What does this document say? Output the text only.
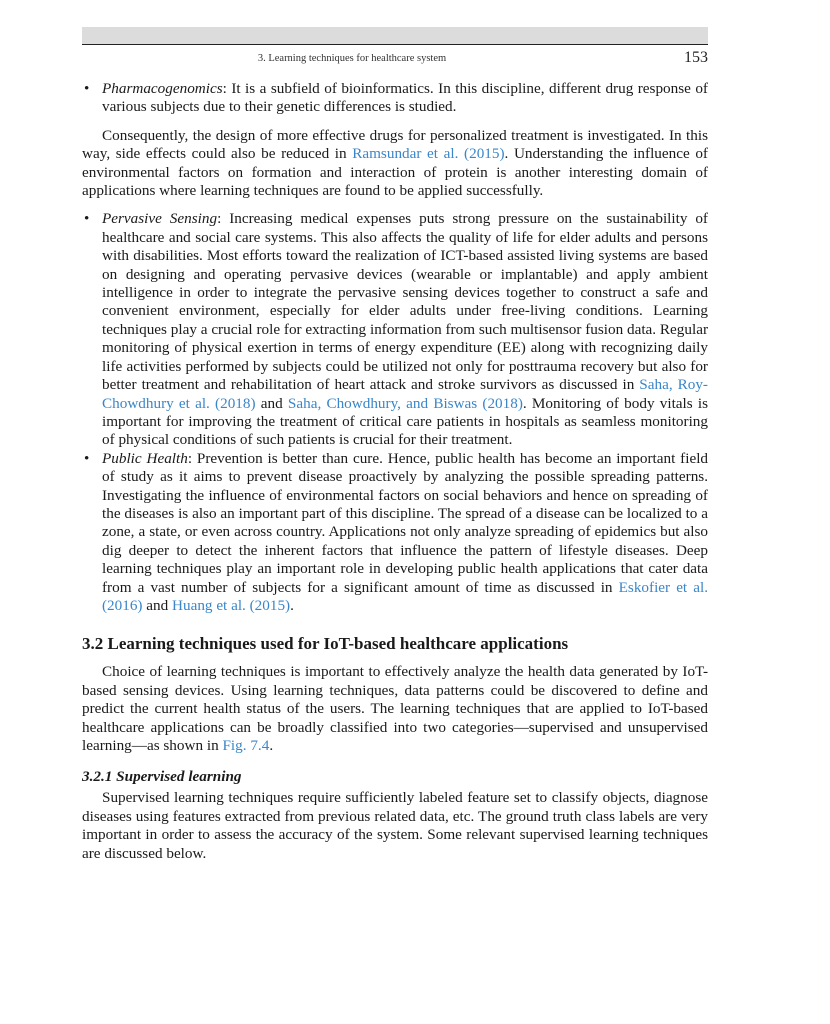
3. Learning techniques for healthcare system	153
• Pharmacogenomics: It is a subfield of bioinformatics. In this discipline, different drug response of various subjects due to their genetic differences is studied.

Consequently, the design of more effective drugs for personalized treatment is investigated. In this way, side effects could also be reduced in Ramsundar et al. (2015). Understanding the influence of environmental factors on formation and interaction of protein is another interesting domain of applications where learning techniques are found to be applied successfully.

• Pervasive Sensing: Increasing medical expenses puts strong pressure on the sustainability of healthcare and social care systems. This also affects the quality of life for elder adults and persons with disabilities. Most efforts toward the realization of ICT-based assisted living systems are based on designing and operating pervasive devices (wearable or implantable) and apply ambient intelligence in order to integrate the pervasive sensing devices together to construct a safe and convenient environment, especially for elder adults under free-living conditions. Learning techniques play a crucial role for extracting information from such multisensor fusion data. Regular monitoring of physical exertion in terms of energy expenditure (EE) along with recognizing daily life activities performed by subjects could be utilized not only for posttrauma recovery but also for better treatment and rehabilitation of heart attack and stroke survivors as discussed in Saha, Roy-Chowdhury et al. (2018) and Saha, Chowdhury, and Biswas (2018). Monitoring of body vitals is important for improving the treatment of critical care patients in hospitals as seamless monitoring of physical conditions of such patients is crucial for their treatment.
• Public Health: Prevention is better than cure. Hence, public health has become an important field of study as it aims to prevent disease proactively by analyzing the possible spreading patterns. Investigating the influence of environmental factors on social behaviors and hence on spreading of the diseases is also an important part of this discipline. The spread of a disease can be localized to a zone, a state, or even across country. Applications not only analyze spreading of epidemics but also dig deeper to detect the inherent factors that influence the pattern of lifestyle diseases. Deep learning techniques play an important role in developing public health applications that cater data from a vast number of subjects for a significant amount of time as discussed in Eskofier et al. (2016) and Huang et al. (2015).
3.2 Learning techniques used for IoT-based healthcare applications

Choice of learning techniques is important to effectively analyze the health data generated by IoT-based sensing devices. Using learning techniques, data patterns could be discovered to define and predict the current health status of the users. The learning techniques that are applied to IoT-based healthcare applications can be broadly classified into two categories—supervised and unsupervised learning—as shown in Fig. 7.4.

3.2.1 Supervised learning

Supervised learning techniques require sufficiently labeled feature set to classify objects, diagnose diseases using features extracted from previous related data, etc. The ground truth class labels are very important in order to assess the accuracy of the system. Some relevant supervised learning techniques are discussed below.
